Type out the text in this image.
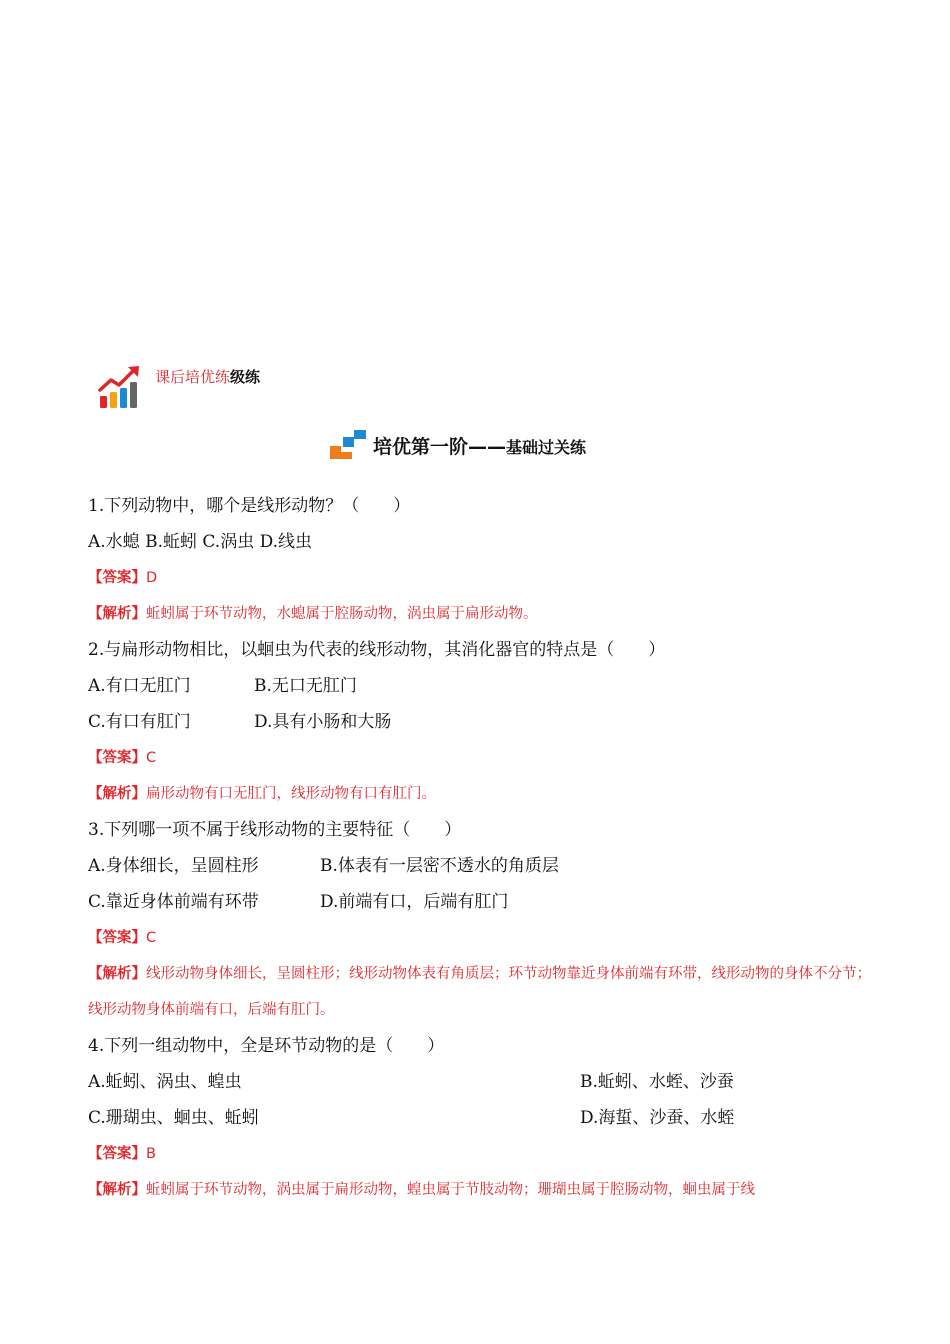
课后培优练级练
培优第一阶——基础过关练
1.下列动物中，哪个是线形动物？（　　）
A.水螅 B.蚯蚓 C.涡虫 D.线虫
【答案】D
【解析】蚯蚓属于环节动物，水螅属于腔肠动物，涡虫属于扁形动物。
2.与扁形动物相比，以蛔虫为代表的线形动物，其消化器官的特点是（　　）
A.有口无肛门	B.无口无肛门
C.有口有肛门	D.具有小肠和大肠
【答案】C
【解析】扁形动物有口无肛门，线形动物有口有肛门。
3.下列哪一项不属于线形动物的主要特征（　　）
A.身体细长，呈圆柱形	B.体表有一层密不透水的角质层
C.靠近身体前端有环带	D.前端有口，后端有肛门
【答案】C
【解析】线形动物身体细长，呈圆柱形；线形动物体表有角质层；环节动物靠近身体前端有环带，线形动物的身体不分节；线形动物身体前端有口，后端有肛门。
4.下列一组动物中，全是环节动物的是（　　）
A.蚯蚓、涡虫、蝗虫	B.蚯蚓、水蛭、沙蚕
C.珊瑚虫、蛔虫、蚯蚓	D.海蜇、沙蚕、水蛭
【答案】B
【解析】蚯蚓属于环节动物，涡虫属于扁形动物，蝗虫属于节肢动物；珊瑚虫属于腔肠动物，蛔虫属于线
